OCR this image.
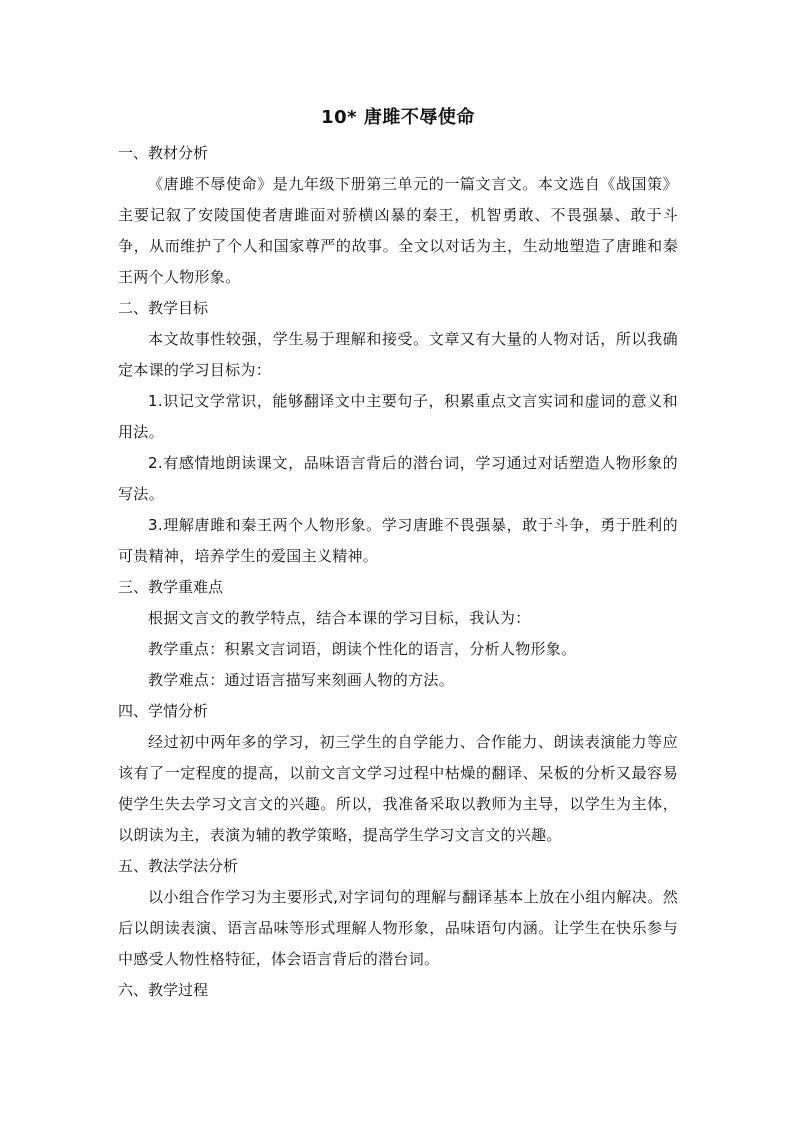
10* 唐雎不辱使命

一、教材分析

《唐雎不辱使命》是九年级下册第三单元的一篇文言文。本文选自《战国策》主要记叙了安陵国使者唐雎面对骄横凶暴的秦王，机智勇敢、不畏强暴、敢于斗争，从而维护了个人和国家尊严的故事。全文以对话为主，生动地塑造了唐雎和秦王两个人物形象。

二、教学目标

本文故事性较强，学生易于理解和接受。文章又有大量的人物对话，所以我确定本课的学习目标为：

1.识记文学常识，能够翻译文中主要句子，积累重点文言实词和虚词的意义和用法。

2.有感情地朗读课文，品味语言背后的潜台词，学习通过对话塑造人物形象的写法。

3.理解唐雎和秦王两个人物形象。学习唐雎不畏强暴，敢于斗争，勇于胜利的可贵精神，培养学生的爱国主义精神。

三、教学重难点

根据文言文的教学特点，结合本课的学习目标，我认为：

教学重点：积累文言词语，朗读个性化的语言，分析人物形象。

教学难点：通过语言描写来刻画人物的方法。

四、学情分析

经过初中两年多的学习，初三学生的自学能力、合作能力、朗读表演能力等应该有了一定程度的提高，以前文言文学习过程中枯燥的翻译、呆板的分析又最容易使学生失去学习文言文的兴趣。所以，我准备采取以教师为主导，以学生为主体，以朗读为主，表演为辅的教学策略，提高学生学习文言文的兴趣。

五、教法学法分析

以小组合作学习为主要形式,对字词句的理解与翻译基本上放在小组内解决。然后以朗读表演、语言品味等形式理解人物形象，品味语句内涵。让学生在快乐参与中感受人物性格特征，体会语言背后的潜台词。

六、教学过程
